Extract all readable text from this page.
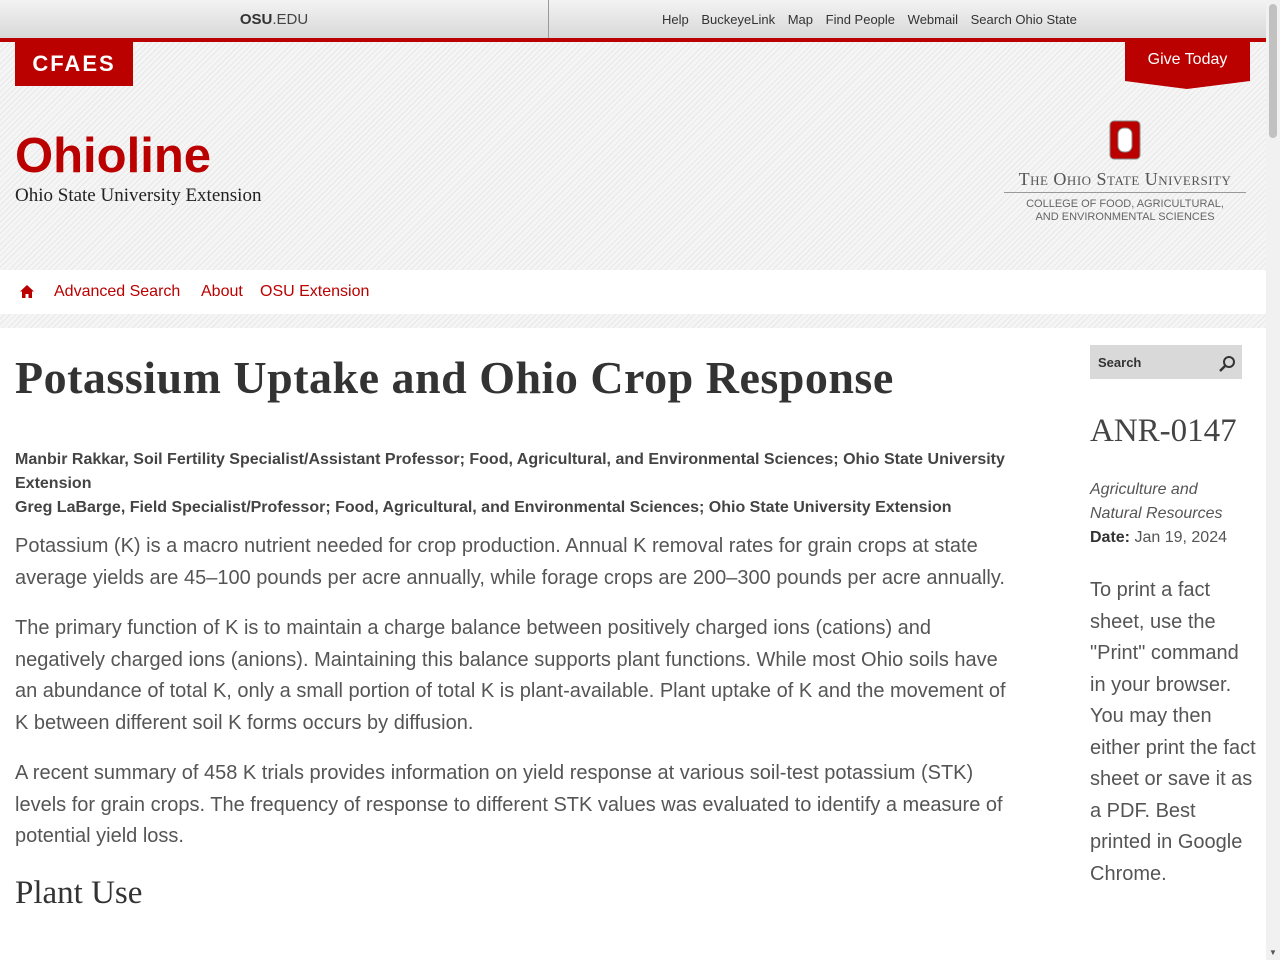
OSU.EDU	Help BuckeyeLink Map Find People Webmail Search Ohio State
CFAES	Give Today
Ohioline
Ohio State University Extension
The Ohio State University
COLLEGE OF FOOD, AGRICULTURAL,
AND ENVIRONMENTAL SCIENCES
Advanced Search About OSU Extension
Potassium Uptake and Ohio Crop Response
Manbir Rakkar, Soil Fertility Specialist/Assistant Professor; Food, Agricultural, and Environmental Sciences; Ohio State University Extension
Greg LaBarge, Field Specialist/Professor; Food, Agricultural, and Environmental Sciences; Ohio State University Extension

Potassium (K) is a macro nutrient needed for crop production. Annual K removal rates for grain crops at state average yields are 45–100 pounds per acre annually, while forage crops are 200–300 pounds per acre annually.

The primary function of K is to maintain a charge balance between positively charged ions (cations) and negatively charged ions (anions). Maintaining this balance supports plant functions. While most Ohio soils have an abundance of total K, only a small portion of total K is plant-available. Plant uptake of K and the movement of K between different soil K forms occurs by diffusion.

A recent summary of 458 K trials provides information on yield response at various soil-test potassium (STK) levels for grain crops. The frequency of response to different STK values was evaluated to identify a measure of potential yield loss.

Plant Use
Search
ANR-0147
Agriculture and Natural Resources
Date: Jan 19, 2024
To print a fact sheet, use the "Print" command in your browser. You may then either print the fact sheet or save it as a PDF. Best printed in Google Chrome.
▼
